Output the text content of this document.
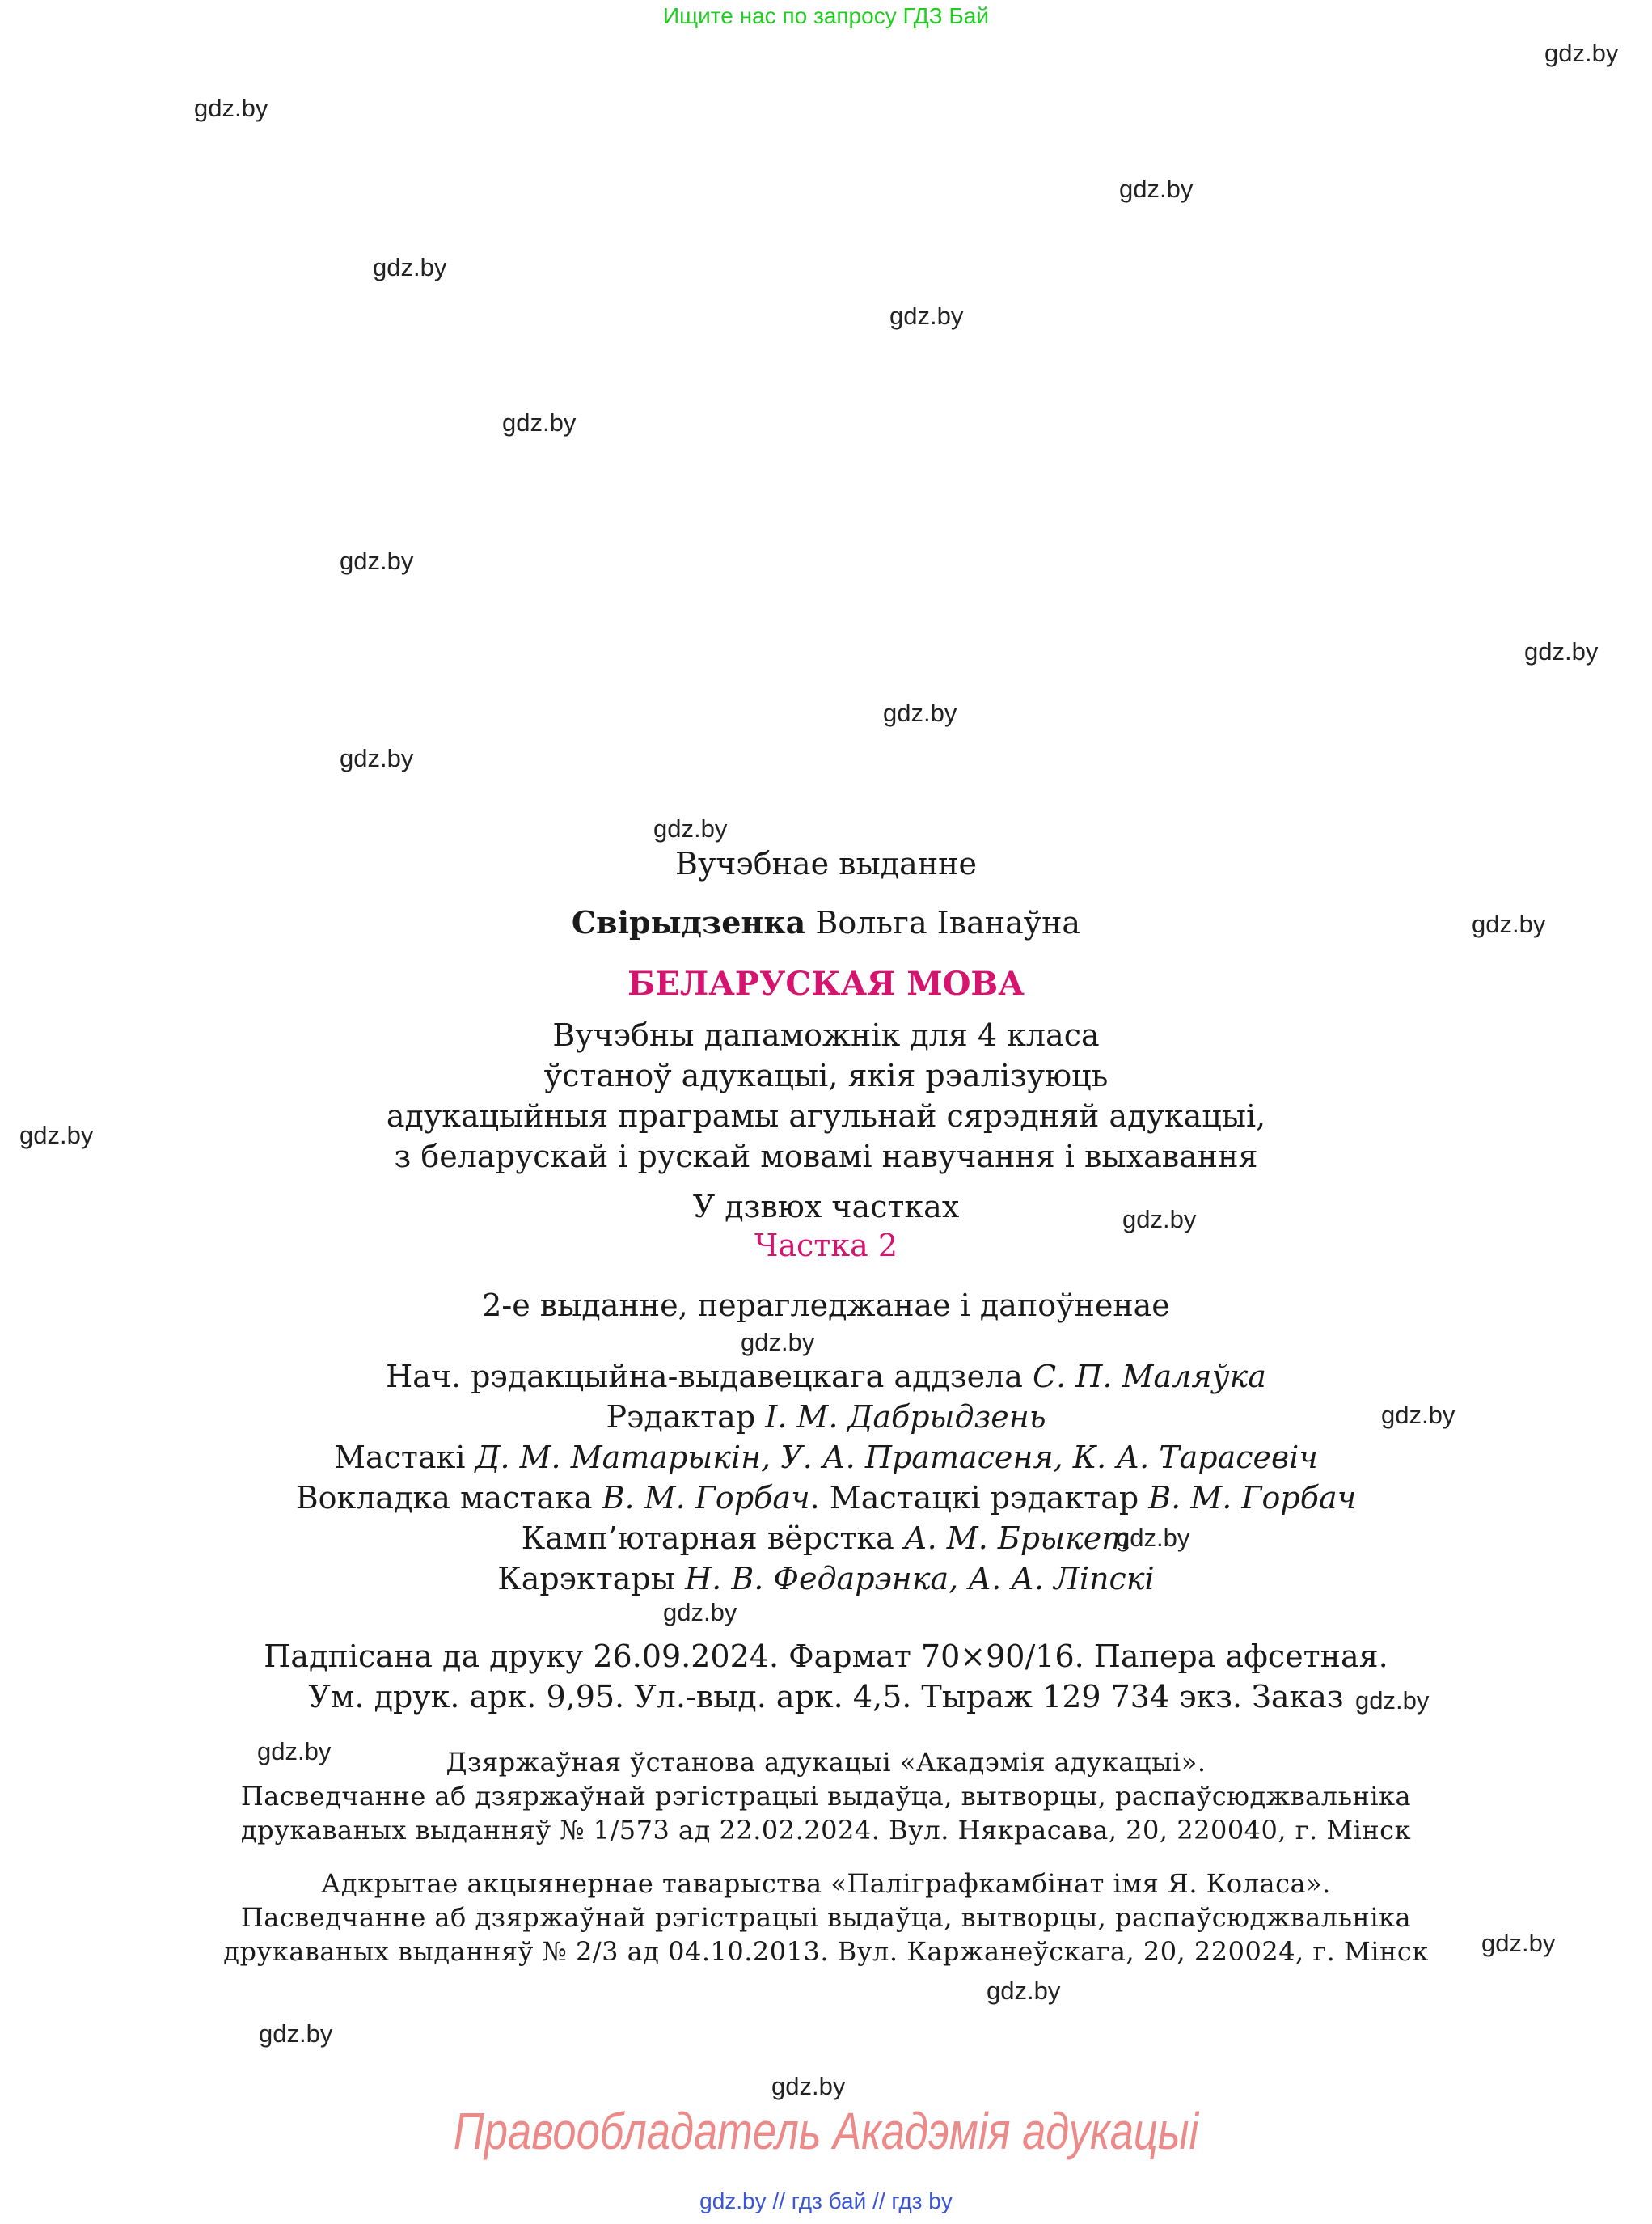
Ищите нас по запросу ГДЗ Бай
gdz.by
gdz.by
gdz.by
gdz.by
gdz.by
gdz.by
gdz.by
gdz.by
gdz.by
gdz.by
gdz.by
gdz.by
gdz.by
gdz.by
gdz.by
gdz.by
gdz.by
gdz.by
gdz.by
gdz.by
gdz.by
gdz.by
gdz.by
gdz.by
Вучэбнае выданне
Свірыдзенка Вольга Іванаўна
БЕЛАРУСКАЯ МОВА
Вучэбны дапаможнік для 4 класа
ўстаноў адукацыі, якія рэалізуюць
адукацыйныя праграмы агульнай сярэдняй адукацыі,
з беларускай і рускай мовамі навучання і выхавання
У дзвюх частках
Частка 2
2-е выданне, перагледжанае і дапоўненае
Нач. рэдакцыйна-выдавецкага аддзела С. П. Маляўка
Рэдактар І. М. Дабрыдзень
Мастакі Д. М. Матарыкін, У. А. Пратасеня, К. А. Тарасевіч
Вокладка мастака В. М. Горбач. Мастацкі рэдактар В. М. Горбач
Камп’ютарная вёрстка А. М. Брыкет
Карэктары Н. В. Федарэнка, А. А. Ліпскі
Падпісана да друку 26.09.2024. Фармат 70×90/16. Папера афсетная.
Ум. друк. арк. 9,95. Ул.-выд. арк. 4,5. Тыраж 129 734 экз. Заказ
Дзяржаўная ўстанова адукацыі «Акадэмія адукацыі».
Пасведчанне аб дзяржаўнай рэгістрацыі выдаўца, вытворцы, распаўсюджвальніка
друкаваных выданняў № 1/573 ад 22.02.2024. Вул. Някрасава, 20, 220040, г. Мінск
Адкрытае акцыянернае таварыства «Паліграфкамбінат імя Я. Коласа».
Пасведчанне аб дзяржаўнай рэгістрацыі выдаўца, вытворцы, распаўсюджвальніка
друкаваных выданняў № 2/3 ад 04.10.2013. Вул. Каржанеўскага, 20, 220024, г. Мінск
Правообладатель Акадэмія адукацыі
gdz.by // гдз бай // гдз by
